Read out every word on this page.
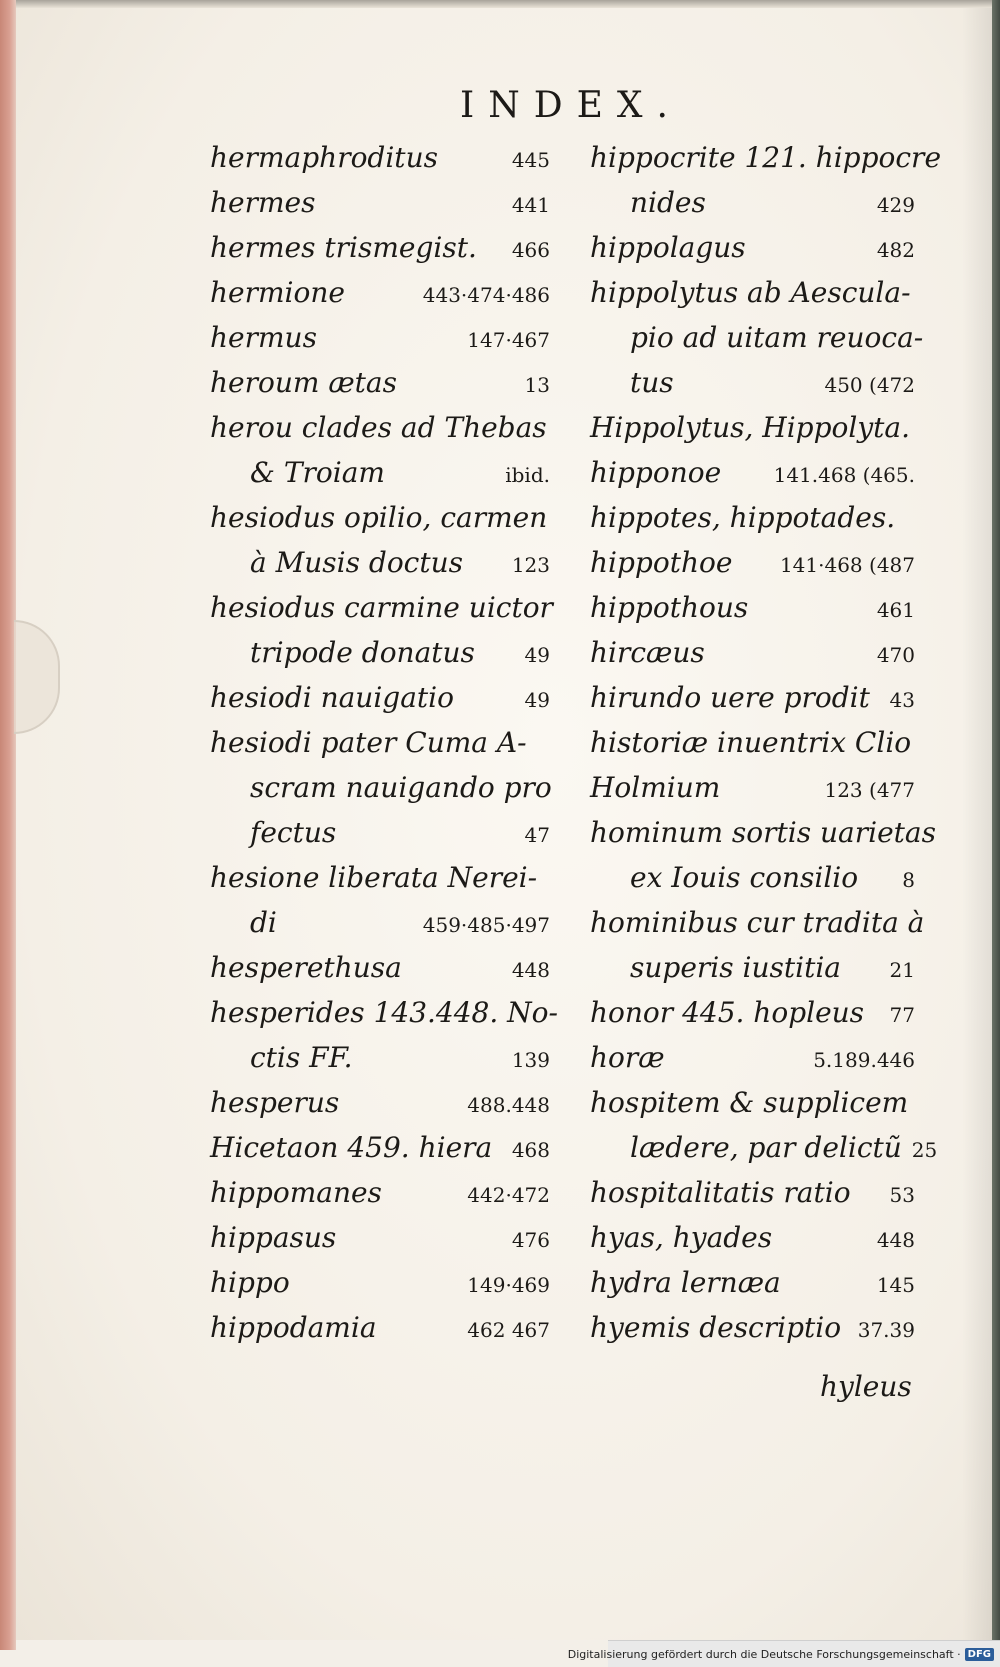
INDEX.
hermaphroditus	445
hermes	441
hermes trismegist.	466
hermione	443·474·486
hermus	147·467
heroum ætas	13
herou clades ad Thebas
& Troiam	ibid.
hesiodus opilio, carmen
à Musis doctus	123
hesiodus carmine uictor
tripode donatus	49
hesiodi nauigatio	49
hesiodi pater Cumа A-
scram nauigando pro
fectus	47
hesione liberata Nerei-
di	459·485·497
hesperethusa	448
hesperides 143.448. No-
ctis FF.	139
hesperus	488.448
Hicetaon 459. hiera 468
hippomanes	442·472
hippasus	476
hippo	149·469
hippodamia	462 467
hippocrite 121. hippocre
nides	429
hippolagus	482
hippolytus ab Aescula-
pio ad uitam reuoca-
tus	450 (472
Hippolytus, Hippolyta.
hipponoe	141.468 (465.
hippotes, hippotades.
hippothoe	141·468 (487
hippothous	461
hircæus	470
hirundo uere prodit 43
historiæ inuentrix Clio
Holmium	123 (477
hominum sortis uarietas
ex Iouis consilio	8
hominibus cur tradita à
superis iustitia	21
honor 445. hopleus	77
horæ	5.189.446
hospitem & supplicem
lædere, par delictũ 25
hospitalitatis ratio	53
hyas, hyades	448
hydra lernæa	145
hyemis descriptio 37.39
hyleus
Digitalisierung gefördert durch die Deutsche Forschungsgemeinschaft · DFG
